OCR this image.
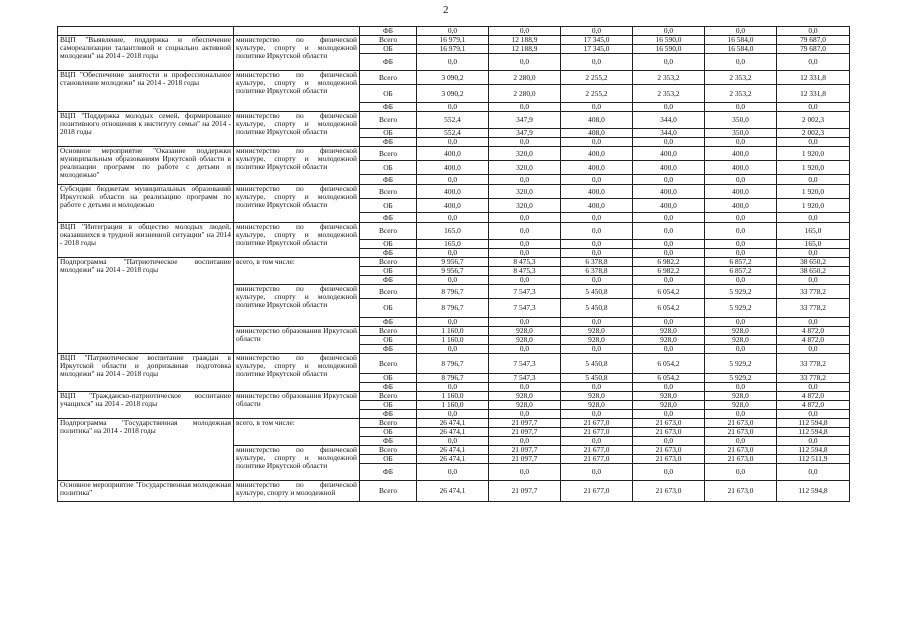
2
		ФБ	0,0	0,0	0,0	0,0	0,0	0,0
ВЦП "Выявление, поддержка и обеспечение самореализации талантливой и социально активной молодежи" на 2014 - 2018 годы	министерство по физической культуре, спорту и молодежной политике Иркутской области	Всего	16 979,1	12 188,9	17 345,0	16 590,0	16 584,0	79 687,0
		ОБ	16 979,1	12 188,9	17 345,0	16 590,0	16 584,0	79 687,0
		ФБ	0,0	0,0	0,0	0,0	0,0	0,0
ВЦП "Обеспечение занятости и профессиональное становление молодежи" на 2014 - 2018 годы	министерство по физической культуре, спорту и молодежной политике Иркутской области	Всего	3 090,2	2 280,0	2 255,2	2 353,2	2 353,2	12 331,8
		ОБ	3 090,2	2 280,0	2 255,2	2 353,2	2 353,2	12 331,8
		ФБ	0,0	0,0	0,0	0,0	0,0	0,0
ВЦП "Поддержка молодых семей, формирование позитивного отношения к институту семьи" на 2014 - 2018 годы	министерство по физической культуре, спорту и молодежной политике Иркутской области	Всего	552,4	347,9	408,0	344,0	350,0	2 002,3
		ОБ	552,4	347,9	408,0	344,0	350,0	2 002,3
		ФБ	0,0	0,0	0,0	0,0	0,0	0,0
Основное мероприятие "Оказание поддержки муниципальным образованиям Иркутской области в реализации программ по работе с детьми и молодежью"	министерство по физической культуре, спорту и молодежной политике Иркутской области	Всего	400,0	320,0	400,0	400,0	400,0	1 920,0
		ОБ	400,0	320,0	400,0	400,0	400,0	1 920,0
		ФБ	0,0	0,0	0,0	0,0	0,0	0,0
Субсидии бюджетам муниципальных образований Иркутской области на реализацию программ по работе с детьми и молодежью	министерство по физической культуре, спорту и молодежной политике Иркутской области	Всего	400,0	320,0	400,0	400,0	400,0	1 920,0
		ОБ	400,0	320,0	400,0	400,0	400,0	1 920,0
		ФБ	0,0	0,0	0,0	0,0	0,0	0,0
ВЦП "Интеграция в общество молодых людей, оказавшихся в трудной жизненной ситуации" на 2014 - 2018 годы	министерство по физической культуре, спорту и молодежной политике Иркутской области	Всего	165,0	0,0	0,0	0,0	0,0	165,0
		ОБ	165,0	0,0	0,0	0,0	0,0	165,0
		ФБ	0,0	0,0	0,0	0,0	0,0	0,0
Подпрограмма "Патриотическое воспитание молодежи" на 2014 - 2018 годы	всего, в том числе:	Всего	9 956,7	8 475,3	6 378,8	6 982,2	6 857,2	38 650,2
		ОБ	9 956,7	8 475,3	6 378,8	6 982,2	6 857,2	38 650,2
		ФБ	0,0	0,0	0,0	0,0	0,0	0,0
	министерство по физической культуре, спорту и молодежной политике Иркутской области	Всего	8 796,7	7 547,3	5 450,8	6 054,2	5 929,2	33 778,2
		ОБ	8 796,7	7 547,3	5 450,8	6 054,2	5 929,2	33 778,2
		ФБ	0,0	0,0	0,0	0,0	0,0	0,0
	министерство образования Иркутской области	Всего	1 160,0	928,0	928,0	928,0	928,0	4 872,0
		ОБ	1 160,0	928,0	928,0	928,0	928,0	4 872,0
		ФБ	0,0	0,0	0,0	0,0	0,0	0,0
ВЦП "Патриотическое воспитание граждан в Иркутской области и допризывная подготовка молодежи" на 2014 - 2018 годы	министерство по физической культуре, спорту и молодежной политике Иркутской области	Всего	8 796,7	7 547,3	5 450,8	6 054,2	5 929,2	33 778,2
		ОБ	8 796,7	7 547,3	5 450,8	6 054,2	5 929,2	33 778,2
		ФБ	0,0	0,0	0,0	0,0	0,0	0,0
ВЦП "Гражданско-патриотическое воспитание учащихся" на 2014 - 2018 годы	министерство образования Иркутской области	Всего	1 160,0	928,0	928,0	928,0	928,0	4 872,0
		ОБ	1 160,0	928,0	928,0	928,0	928,0	4 872,0
		ФБ	0,0	0,0	0,0	0,0	0,0	0,0
Подпрограмма "Государственная молодежная политика" на 2014 - 2018 годы	всего, в том числе:	Всего	26 474,1	21 097,7	21 677,0	21 673,0	21 673,0	112 594,8
		ОБ	26 474,1	21 097,7	21 677,0	21 673,0	21 673,0	112 594,8
		ФБ	0,0	0,0	0,0	0,0	0,0	0,0
	министерство по физической культуре, спорту и молодежной политике Иркутской области	Всего	26 474,1	21 097,7	21 677,0	21 673,0	21 673,0	112 594,8
		ОБ	26 474,1	21 097,7	21 677,0	21 673,0	21 673,0	112 511,9
		ФБ	0,0	0,0	0,0	0,0	0,0	0,0
Основное мероприятие "Государственная молодежная политика"	министерство по физической культуре, спорту и молодежной	Всего	26 474,1	21 097,7	21 677,0	21 673,0	21 673,0	112 594,8
